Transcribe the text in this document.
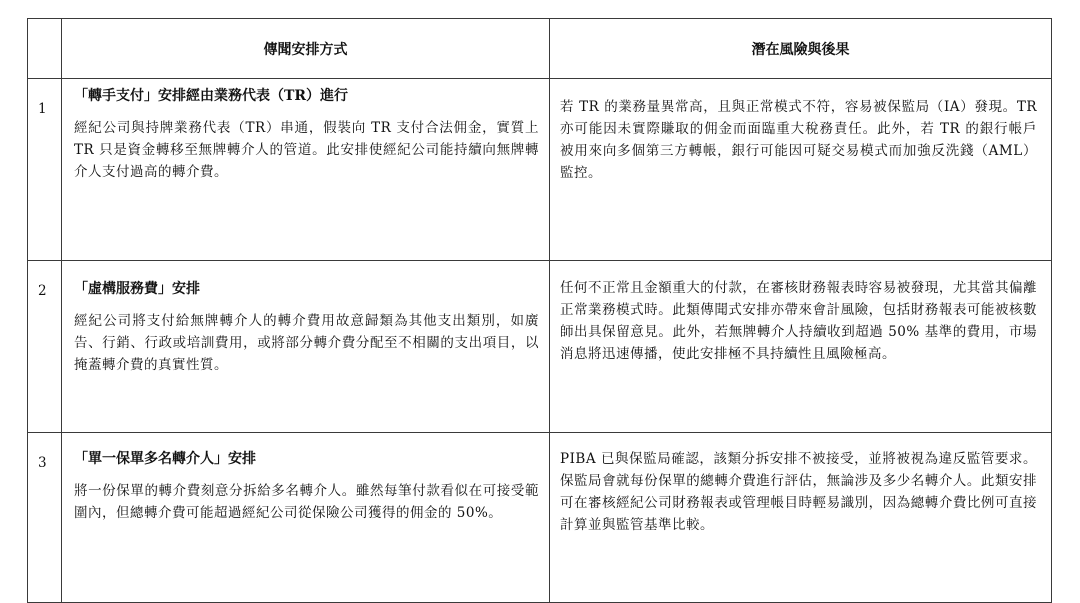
	傳聞安排方式	潛在風險與後果
1	「轉手支付」安排經由業務代表（TR）進行

經紀公司與持牌業務代表（TR）串通，假裝向 TR 支付合法佣金，實質上 TR 只是資金轉移至無牌轉介人的管道。此安排使經紀公司能持續向無牌轉介人支付過高的轉介費。	若 TR 的業務量異常高，且與正常模式不符，容易被保監局（IA）發現。TR 亦可能因未實際賺取的佣金而面臨重大稅務責任。此外，若 TR 的銀行帳戶被用來向多個第三方轉帳，銀行可能因可疑交易模式而加強反洗錢（AML）監控。

2	「虛構服務費」安排

經紀公司將支付給無牌轉介人的轉介費用故意歸類為其他支出類別，如廣告、行銷、行政或培訓費用，或將部分轉介費分配至不相關的支出項目，以掩蓋轉介費的真實性質。	任何不正常且金額重大的付款，在審核財務報表時容易被發現，尤其當其偏離正常業務模式時。此類傳聞式安排亦帶來會計風險，包括財務報表可能被核數師出具保留意見。此外，若無牌轉介人持續收到超過 50% 基準的費用，市場消息將迅速傳播，使此安排極不具持續性且風險極高。

3	「單一保單多名轉介人」安排

將一份保單的轉介費刻意分拆給多名轉介人。雖然每筆付款看似在可接受範圍內，但總轉介費可能超過經紀公司從保險公司獲得的佣金的 50%。	PIBA 已與保監局確認，該類分拆安排不被接受，並將被視為違反監管要求。保監局會就每份保單的總轉介費進行評估，無論涉及多少名轉介人。此類安排可在審核經紀公司財務報表或管理帳目時輕易識別，因為總轉介費比例可直接計算並與監管基準比較。
